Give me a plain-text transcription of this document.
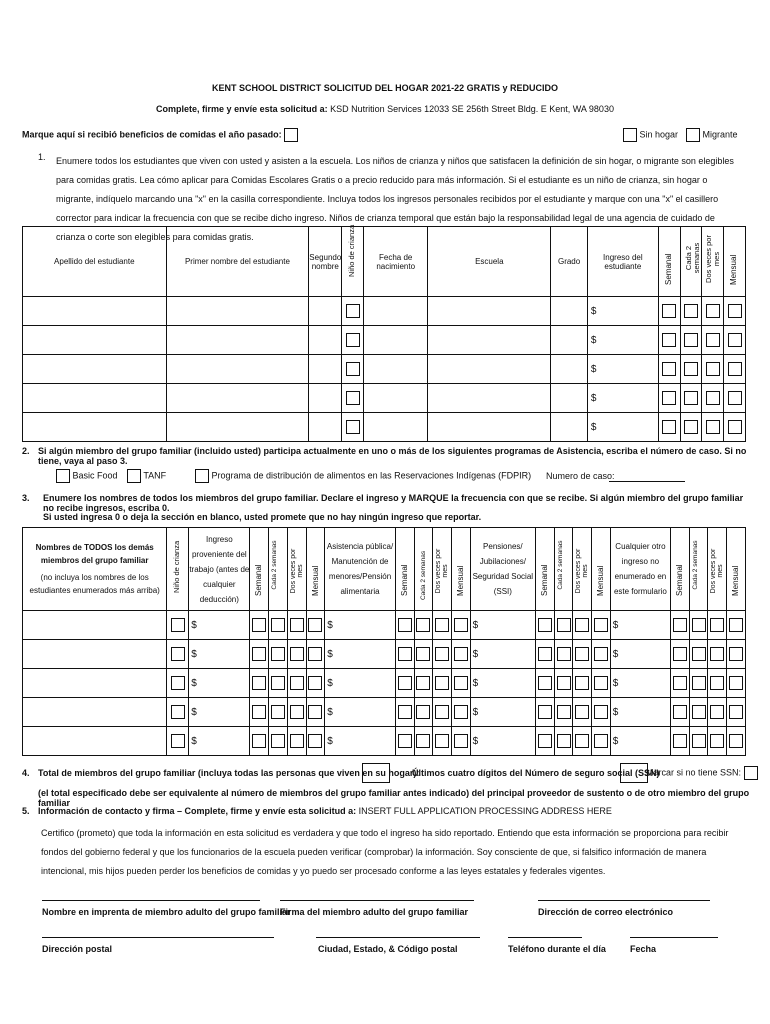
KENT SCHOOL DISTRICT SOLICITUD DEL HOGAR 2021-22 GRATIS y REDUCIDO
Complete, firme y envíe esta solicitud a: KSD Nutrition Services 12033 SE 256th Street Bldg. E Kent, WA 98030
Marque aquí si recibió beneficios de comidas el año pasado:	Sin hogar	Migrante
1. Enumere todos los estudiantes que viven con usted y asisten a la escuela. Los niños de crianza y niños que satisfacen la definición de sin hogar, o migrante son elegibles para comidas gratis. Lea cómo aplicar para Comidas Escolares Gratis o a precio reducido para más información. Si el estudiante es un niño de crianza, sin hogar o migrante, indíquelo marcando una "x" en la casilla correspondiente. Incluya todos los ingresos personales recibidos por el estudiante y marque con una "x" el casillero corrector para indicar la frecuencia con que se recibe dicho ingreso. Niños de crianza temporal que están bajo la responsabilidad legal de una agencia de cuidado de crianza o corte son elegibles para comidas gratis.
Apellido del estudiante	Primer nombre del estudiante	Segundo nombre	Niño de crianza	Fecha de nacimiento	Escuela	Grado	Ingreso del estudiante	Semanal	Cada 2 semanas	Dos veces por mes	Mensual

							$				
							$				
							$				
							$				
							$				
2. Si algún miembro del grupo familiar (incluido usted) participa actualmente en uno o más de los siguientes programas de Asistencia, escriba el número de caso. Si no tiene, vaya al paso 3.
Basic Food	TANF	Programa de distribución de alimentos en las Reservaciones Indígenas (FDPIR) Numero de caso:
3. Enumere los nombres de todos los miembros del grupo familiar. Declare el ingreso y MARQUE la frecuencia con que se recibe. Si algún miembro del grupo familiar no recibe ingresos, escriba 0.
Si usted ingresa 0 o deja la sección en blanco, usted promete que no hay ningún ingreso que reportar.
Nombres de TODOS los demás miembros del grupo familiar
(no incluya los nombres de los estudiantes enumerados más arriba)	Niño de crianza	Ingreso proveniente del trabajo (antes de cualquier deducción)	Semanal	Cada 2 semanas	Dos veces por mes	Mensual	Asistencia pública/ Manutención de menores/Pensión alimentaria	Semanal	Cada 2 semanas	Dos veces por mes	Mensual	Pensiones/ Jubilaciones/ Seguridad Social (SSI)	Semanal	Cada 2 semanas	Dos veces por mes	Mensual	Cualquier otro ingreso no enumerado en este formulario	Semanal	Cada 2 semanas	Dos veces por mes	Mensual

		$					$					$					$				
		$					$					$					$				
		$					$					$					$				
		$					$					$					$				
		$					$					$					$				
4. Total de miembros del grupo familiar (incluya todas las personas que viven en su hogar):
Últimos cuatro dígitos del Número de seguro social (SSN)
Marcar si no tiene SSN:
(el total especificado debe ser equivalente al número de miembros del grupo familiar antes indicado) del principal proveedor de sustento o de otro miembro del grupo familiar
5. Información de contacto y firma – Complete, firme y envíe esta solicitud a: INSERT FULL APPLICATION PROCESSING ADDRESS HERE
Certifico (prometo) que toda la información en esta solicitud es verdadera y que todo el ingreso ha sido reportado. Entiendo que esta información se proporciona para recibir fondos del gobierno federal y que los funcionarios de la escuela pueden verificar (comprobar) la información. Soy consciente de que, si falsifico información de manera intencional, mis hijos pueden perder los beneficios de comidas y yo puedo ser procesado conforme a las leyes estatales y federales vigentes.
Nombre en imprenta de miembro adulto del grupo familiar
Firma del miembro adulto del grupo familiar	Dirección de correo electrónico
Dirección postal	Ciudad, Estado, & Código postal	Teléfono durante el día	Fecha
